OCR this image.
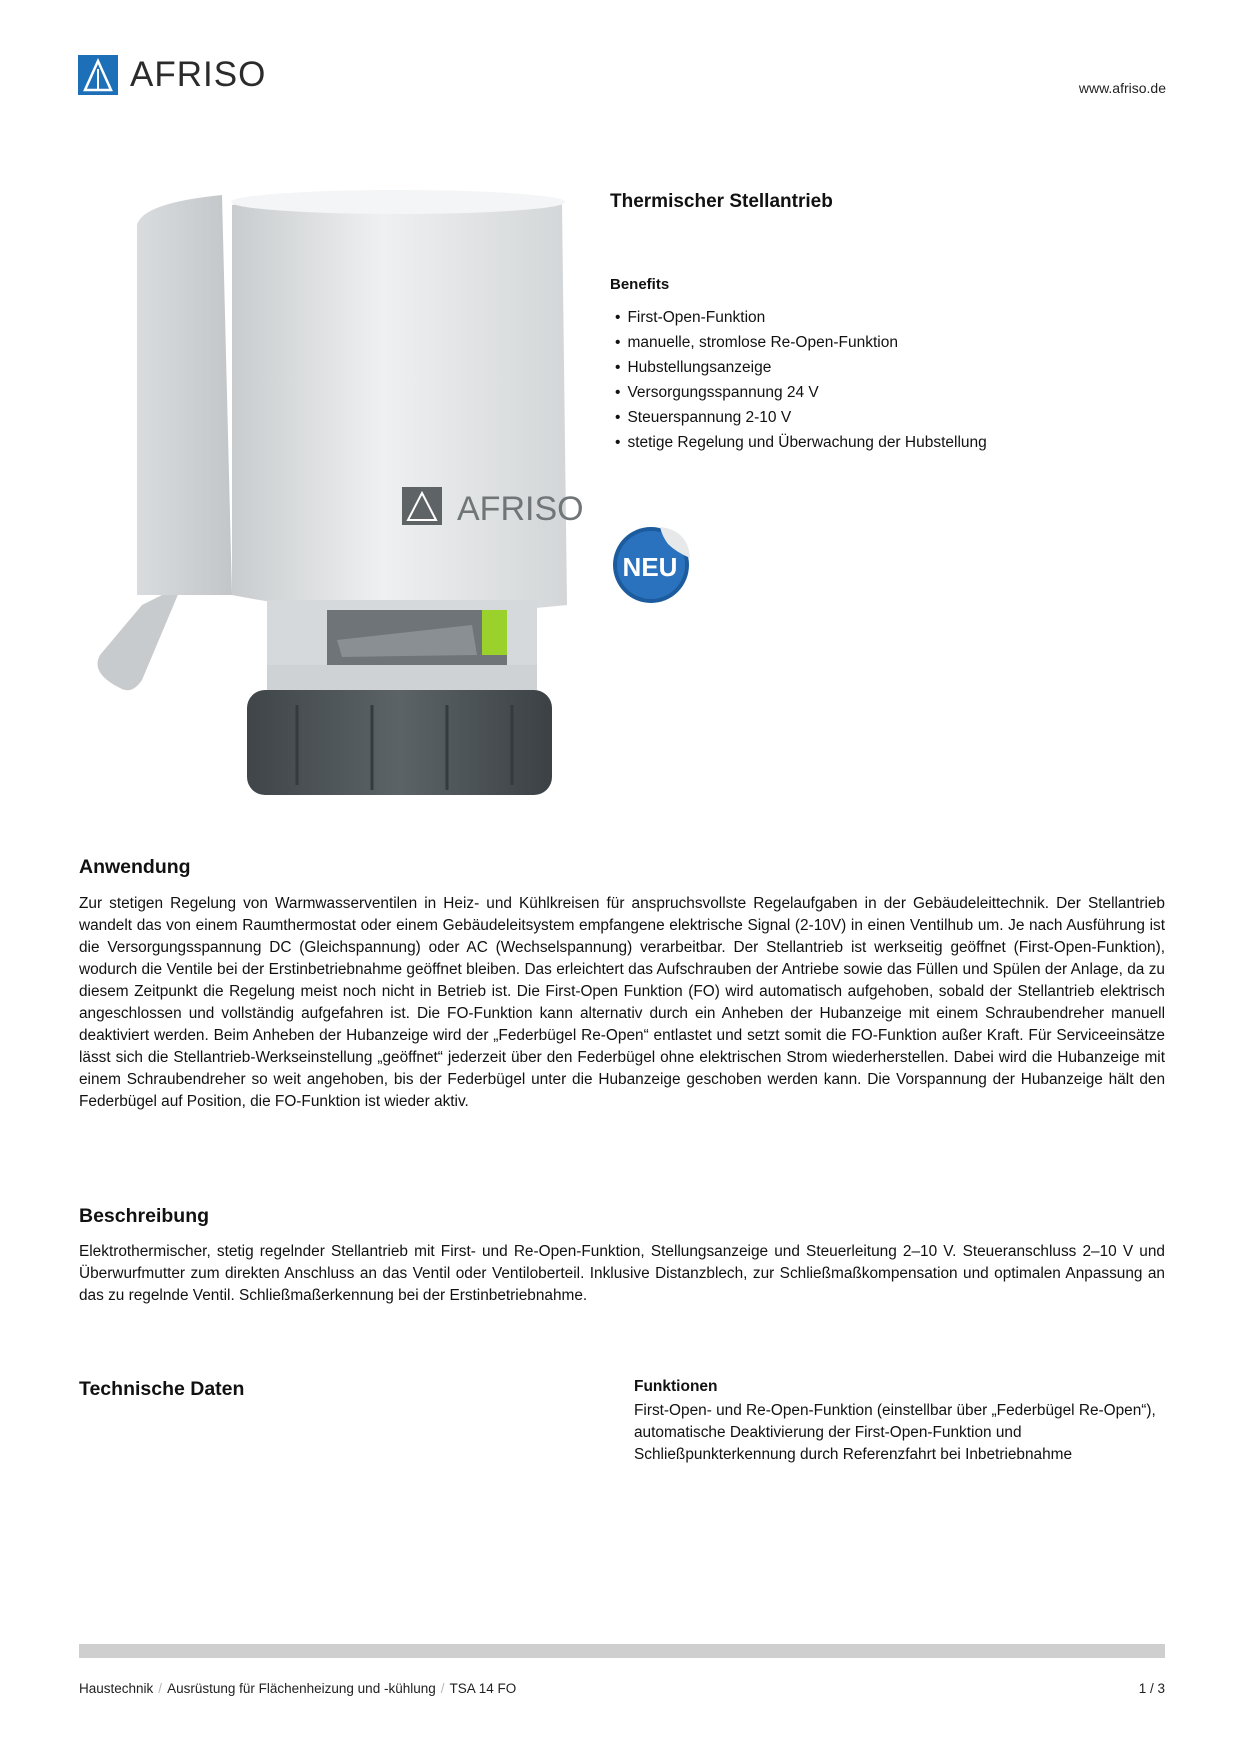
AFRISO	www.afriso.de
AFRISO
Thermischer Stellantrieb
Benefits
• First-Open-Funktion
• manuelle, stromlose Re-Open-Funktion
• Hubstellungsanzeige
• Versorgungsspannung 24 V
• Steuerspannung 2-10 V
• stetige Regelung und Überwachung der Hubstellung
NEU
Anwendung
Zur stetigen Regelung von Warmwasserventilen in Heiz- und Kühlkreisen für anspruchsvollste Regelaufgaben in der Gebäudeleittechnik. Der Stellantrieb wandelt das von einem Raumthermostat oder einem Gebäudeleitsystem empfangene elektrische Signal (2-10V) in einen Ventilhub um. Je nach Ausführung ist die Versorgungsspannung DC (Gleichspannung) oder AC (Wechselspannung) verarbeitbar. Der Stellantrieb ist werkseitig geöffnet (First-Open-Funktion), wodurch die Ventile bei der Erstinbetriebnahme geöffnet bleiben. Das erleichtert das Aufschrauben der Antriebe sowie das Füllen und Spülen der Anlage, da zu diesem Zeitpunkt die Regelung meist noch nicht in Betrieb ist. Die First-Open Funktion (FO) wird automatisch aufgehoben, sobald der Stellantrieb elektrisch angeschlossen und vollständig aufgefahren ist. Die FO-Funktion kann alternativ durch ein Anheben der Hubanzeige mit einem Schraubendreher manuell deaktiviert werden. Beim Anheben der Hubanzeige wird der „Federbügel Re-Open“ entlastet und setzt somit die FO-Funktion außer Kraft. Für Serviceeinsätze lässt sich die Stellantrieb-Werkseinstellung „geöffnet“ jederzeit über den Federbügel ohne elektrischen Strom wiederherstellen. Dabei wird die Hubanzeige mit einem Schraubendreher so weit angehoben, bis der Federbügel unter die Hubanzeige geschoben werden kann. Die Vorspannung der Hubanzeige hält den Federbügel auf Position, die FO-Funktion ist wieder aktiv.
Beschreibung
Elektrothermischer, stetig regelnder Stellantrieb mit First- und Re-Open-Funktion, Stellungsanzeige und Steuerleitung 2–10 V. Steueranschluss 2–10 V und Überwurfmutter zum direkten Anschluss an das Ventil oder Ventiloberteil. Inklusive Distanzblech, zur Schließmaßkompensation und optimalen Anpassung an das zu regelnde Ventil. Schließmaßerkennung bei der Erstinbetriebnahme.
Technische Daten	Funktionen
First-Open- und Re-Open-Funktion (einstellbar über „Federbügel Re-Open“),
automatische Deaktivierung der First-Open-Funktion und Schließpunkterkennung durch Referenzfahrt bei Inbetriebnahme
Haustechnik / Ausrüstung für Flächenheizung und -kühlung / TSA 14 FO	1 / 3
